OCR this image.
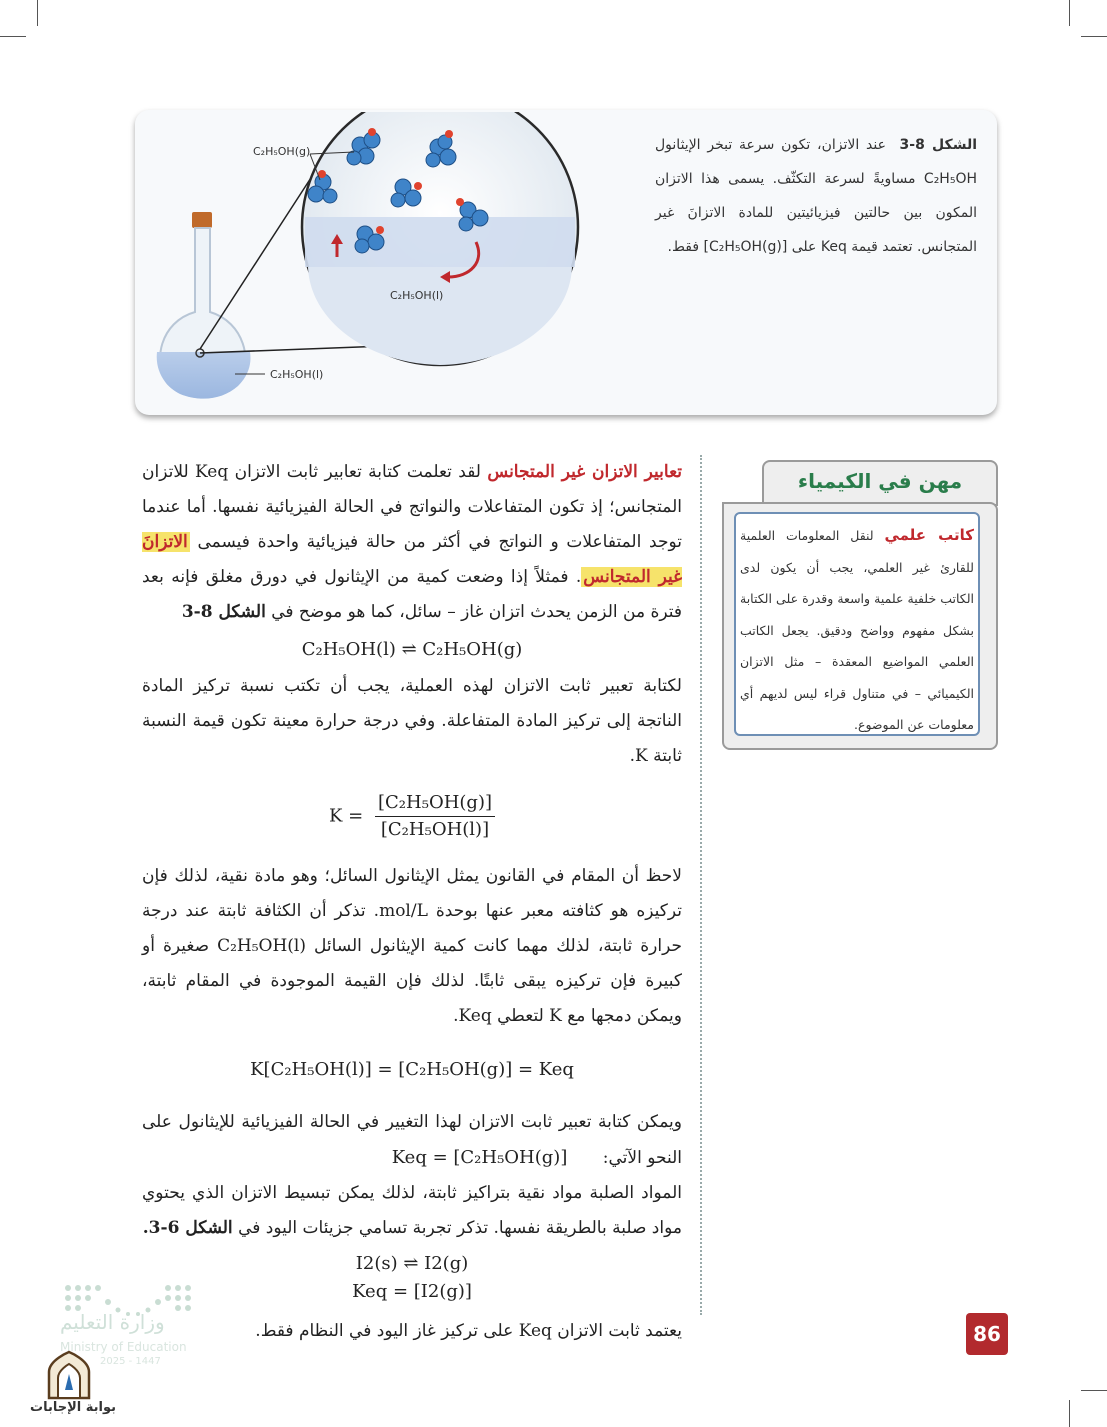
C₂H₅OH(g)
C₂H₅OH(l)
C₂H₅OH(l)
الشكل 8-3  عند الاتزان، تكون سرعة تبخر الإيثانول C₂H₅OH مساويةً لسرعة التكثّف. يسمى هذا الاتزان المكون بين حالتين فيزيائيتين للمادة الاتزانَ غير المتجانس. تعتمد قيمة Keq على [C₂H₅OH(g)] فقط.

تعابير الاتزان غير المتجانس لقد تعلمت كتابة تعابير ثابت الاتزان Keq للاتزان المتجانس؛ إذ تكون المتفاعلات والنواتج في الحالة الفيزيائية نفسها. أما عندما توجد المتفاعلات و النواتج في أكثر من حالة فيزيائية واحدة فيسمى الاتزانَ غير المتجانس. فمثلاً إذا وضعت كمية من الإيثانول في دورق مغلق فإنه بعد فترة من الزمن يحدث اتزان غاز – سائل، كما هو موضح في الشكل 8-3

C₂H₅OH(l) ⇌ C₂H₅OH(g)

لكتابة تعبير ثابت الاتزان لهذه العملية، يجب أن تكتب نسبة تركيز المادة الناتجة إلى تركيز المادة المتفاعلة. وفي درجة حرارة معينة تكون قيمة النسبة ثابتة K.

$K = \frac{\text{[C₂H₅OH(g)]}}{\text{[C₂H₅OH(l)]}}$

لاحظ أن المقام في القانون يمثل الإيثانول السائل؛ وهو مادة نقية، لذلك فإن تركيزه هو كثافته معبر عنها بوحدة mol/L. تذكر أن الكثافة ثابتة عند درجة حرارة ثابتة، لذلك مهما كانت كمية الإيثانول السائل C₂H₅OH(l) صغيرة أو كبيرة فإن تركيزه يبقى ثابتًا. لذلك فإن القيمة الموجودة في المقام ثابتة، ويمكن دمجها مع K لتعطي Keq.

K[C₂H₅OH(l)] = [C₂H₅OH(g)] = Keq

ويمكن كتابة تعبير ثابت الاتزان لهذا التغيير في الحالة الفيزيائية للإيثانول على النحو الآتي: Keq = [C₂H₅OH(g)]

المواد الصلبة مواد نقية بتراكيز ثابتة، لذلك يمكن تبسيط الاتزان الذي يحتوي مواد صلبة بالطريقة نفسها. تذكر تجربة تسامي جزيئات اليود في الشكل 6-3.

I2(s) ⇌ I2(g)
Keq = [I2(g)]

يعتمد ثابت الاتزان Keq على تركيز غاز اليود في النظام فقط.

مهن في الكيمياء
كاتب علمي لنقل المعلومات العلمية للقارئ غير العلمي، يجب أن يكون لدى الكاتب خلفية علمية واسعة وقدرة على الكتابة بشكل مفهوم وواضح ودقيق. يجعل الكاتب العلمي المواضيع المعقدة – مثل الاتزان الكيميائي – في متناول قراء ليس لديهم أي معلومات عن الموضوع.
وزارة التعليم
Ministry of Education
2025 - 1447
بوابة الإجابات
86
